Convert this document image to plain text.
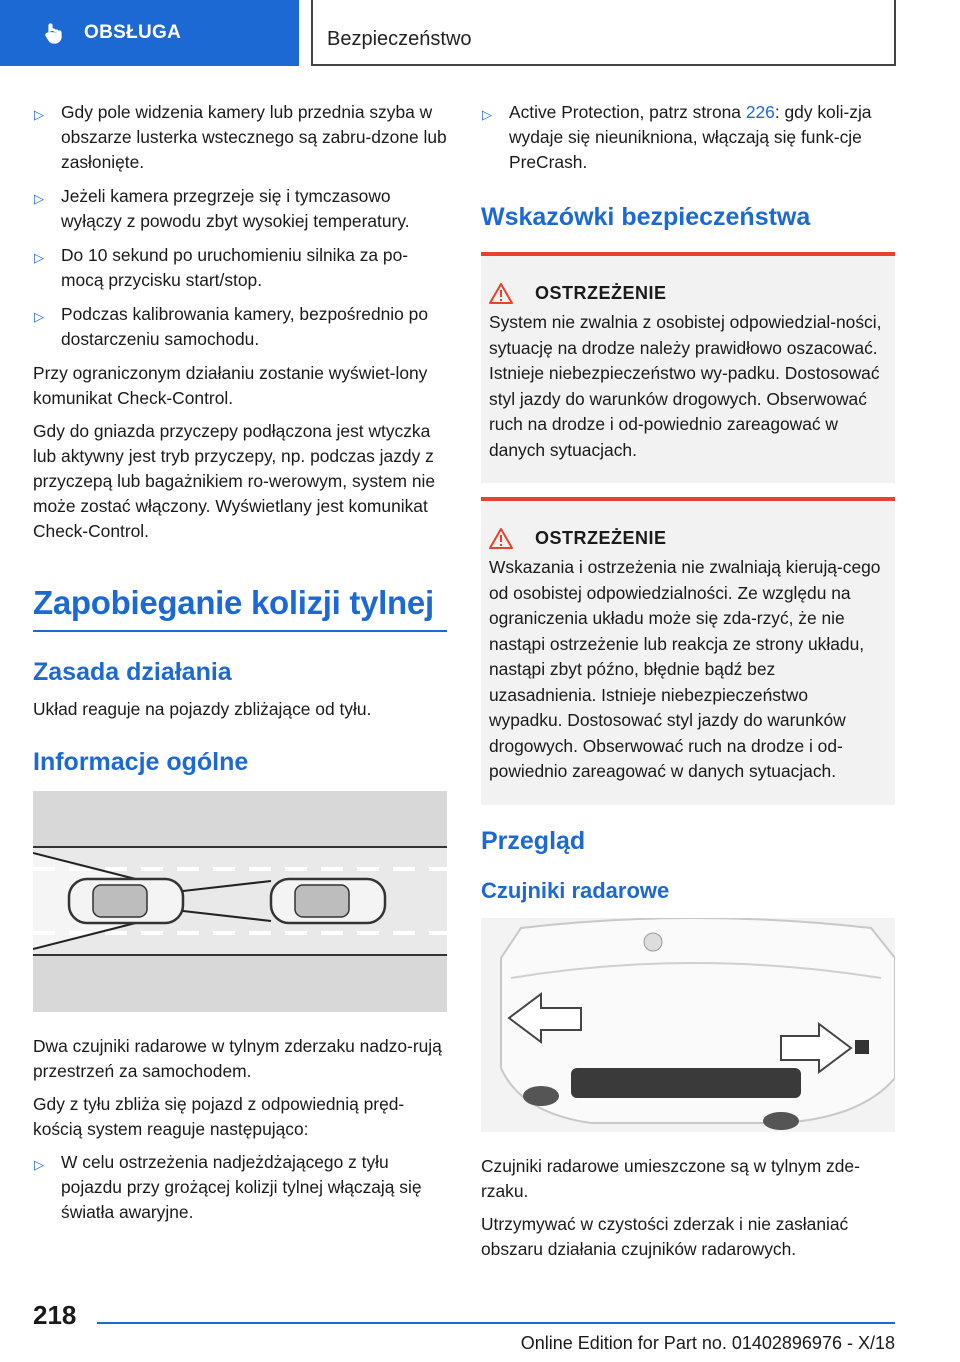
OBSŁUGA	Bezpieczeństwo
▷ Gdy pole widzenia kamery lub przednia szyba w obszarze lusterka wstecznego są zabru-dzone lub zasłonięte.
▷ Jeżeli kamera przegrzeje się i tymczasowo wyłączy z powodu zbyt wysokiej temperatury.
▷ Do 10 sekund po uruchomieniu silnika za po-mocą przycisku start/stop.
▷ Podczas kalibrowania kamery, bezpośrednio po dostarczeniu samochodu.

Przy ograniczonym działaniu zostanie wyświet-lony komunikat Check-Control.

Gdy do gniazda przyczepy podłączona jest wtyczka lub aktywny jest tryb przyczepy, np. podczas jazdy z przyczepą lub bagażnikiem ro-werowym, system nie może zostać włączony. Wyświetlany jest komunikat Check-Control.

Zapobieganie kolizji tylnej
Zasada działania

Układ reaguje na pojazdy zbliżające od tyłu.

Informacje ogólne

Dwa czujniki radarowe w tylnym zderzaku nadzo-rują przestrzeń za samochodem.

Gdy z tyłu zbliża się pojazd z odpowiednią pręd-kością system reaguje następująco:

▷ W celu ostrzeżenia nadjeżdżającego z tyłu pojazdu przy grożącej kolizji tylnej włączają się światła awaryjne.
▷ Active Protection, patrz strona 226: gdy koli-zja wydaje się nieunikniona, włączają się funk-cje PreCrash.
Wskazówki bezpieczeństwa
OSTRZEŻENIE

System nie zwalnia z osobistej odpowiedzial-ności, sytuację na drodze należy prawidłowo oszacować. Istnieje niebezpieczeństwo wy-padku. Dostosować styl jazdy do warunków drogowych. Obserwować ruch na drodze i od-powiednio zareagować w danych sytuacjach.

OSTRZEŻENIE

Wskazania i ostrzeżenia nie zwalniają kierują-cego od osobistej odpowiedzialności. Ze względu na ograniczenia układu może się zda-rzyć, że nie nastąpi ostrzeżenie lub reakcja ze strony układu, nastąpi zbyt późno, błędnie bądź bez uzasadnienia. Istnieje niebezpieczeństwo wypadku. Dostosować styl jazdy do warunków drogowych. Obserwować ruch na drodze i od-powiednio zareagować w danych sytuacjach.

Przegląd
Czujniki radarowe

Czujniki radarowe umieszczone są w tylnym zde-rzaku.

Utrzymywać w czystości zderzak i nie zasłaniać obszaru działania czujników radarowych.

218
Online Edition for Part no. 01402896976 - X/18
